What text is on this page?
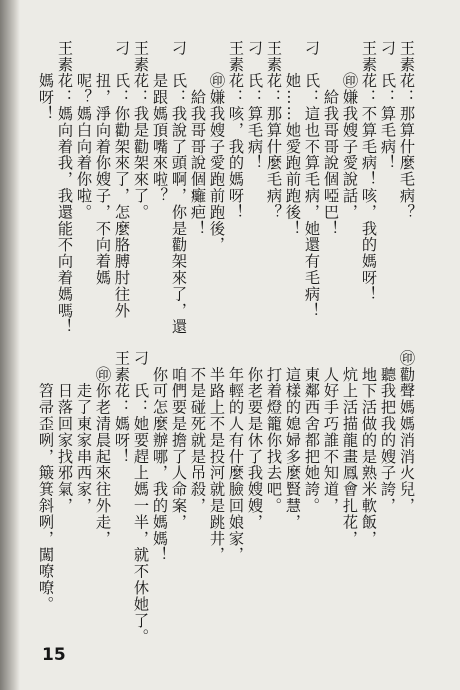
王素花：那算什麼毛病？

刁　氏：算毛病！

王素花：不算毛病！咳，我的媽呀！

　　㊞嫌我嫂子愛說話，

　　　給我哥哥說個啞巴！

刁　氏：這也不算毛病，她還有毛病！

　　她……她愛跑前跑後！

王素花：那算什麼毛病？

刁　氏：算毛病！

王素花：咳，我的媽呀！

　　㊞嫌我嫂子愛跑前跑後，

　　　給我哥哥說個癱疤！

刁　氏：我說了頭啊，你是勸架來了，還

　　是跟媽頂嘴來啦？

王素花：我是勸架來了。

刁　氏：你勸架來了，怎麼胳膊肘往外

　　扭，淨向着你嫂子，不向着媽

　　呢？媽白向着你啦。

王素花：媽向着我，我還能不向着媽嗎！

　　媽呀！

㊞勸聲媽媽消消火兒，

　聽我把我的嫂子誇，

　地下活做的是熟米軟飯，

　炕上活描龍畫鳳會扎花，

　人好手巧誰不知道，

　東鄰西舍都把她誇。

　這樣的媳婦多麼賢慧，

　打着燈籠你找去吧。

　你老要是休了我嫂嫂，

　年輕的人有什麼臉回娘家，

　半路上不是投河就是跳井，

　不是碰死就是吊殺，

　咱們要是擔了人命案，

　你可怎麼辦哪，我的媽媽！

刁　氏：她要趕上媽一半，就不休她了。

王素花：媽呀！

　㊞你老清晨起來往外走，

　　走了東家串西家，

　　日落回家找邪氣，

　　笤帚歪咧，簸箕斜咧，闖嘹嘹。

15
